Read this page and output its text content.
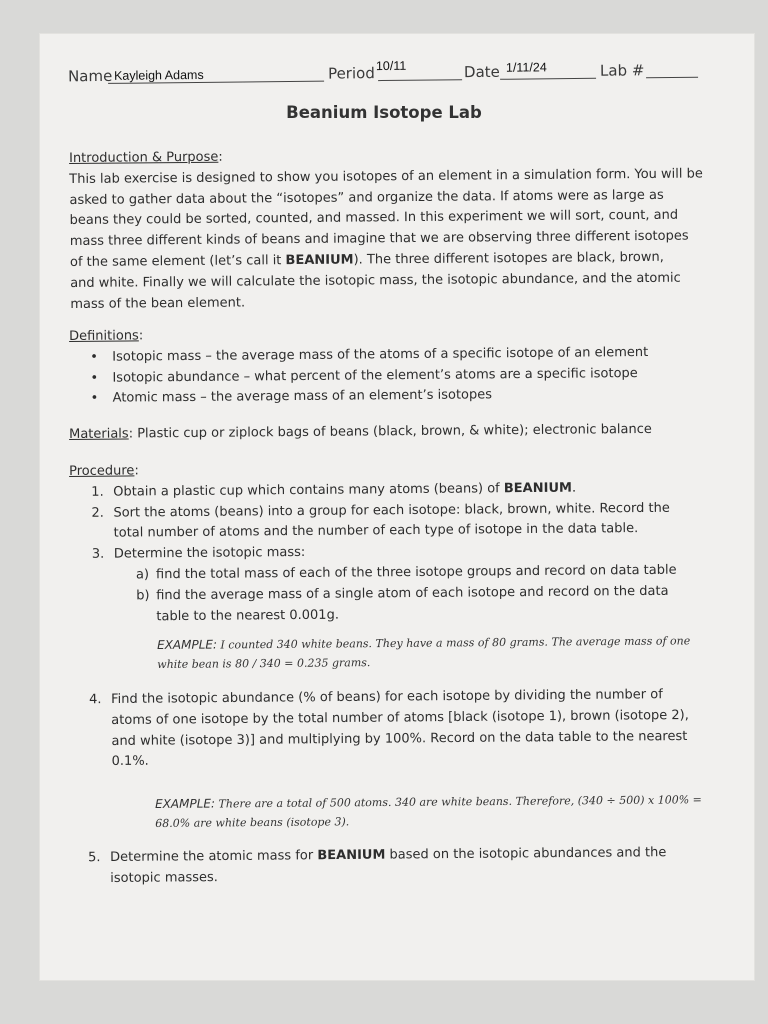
Name Kayleigh Adams	Period 10/11	Date 1/11/24	Lab #
Beanium Isotope Lab

Introduction & Purpose:

This lab exercise is designed to show you isotopes of an element in a simulation form. You will be

asked to gather data about the “isotopes” and organize the data. If atoms were as large as

beans they could be sorted, counted, and massed. In this experiment we will sort, count, and

mass three different kinds of beans and imagine that we are observing three different isotopes

of the same element (let’s call it BEANIUM). The three different isotopes are black, brown,

and white. Finally we will calculate the isotopic mass, the isotopic abundance, and the atomic

mass of the bean element.

Definitions:

• Isotopic mass – the average mass of the atoms of a specific isotope of an element
• Isotopic abundance – what percent of the element’s atoms are a specific isotope
• Atomic mass – the average mass of an element’s isotopes

Materials: Plastic cup or ziplock bags of beans (black, brown, & white); electronic balance

Procedure:

1. Obtain a plastic cup which contains many atoms (beans) of BEANIUM.

2. Sort the atoms (beans) into a group for each isotope: black, brown, white. Record the

total number of atoms and the number of each type of isotope in the data table.

3. Determine the isotopic mass:

a) find the total mass of each of the three isotope groups and record on data table

b) find the average mass of a single atom of each isotope and record on the data

table to the nearest 0.001g.

EXAMPLE: I counted 340 white beans. They have a mass of 80 grams. The average mass of one

white bean is 80 / 340 = 0.235 grams.

4. Find the isotopic abundance (% of beans) for each isotope by dividing the number of

atoms of one isotope by the total number of atoms [black (isotope 1), brown (isotope 2),

and white (isotope 3)] and multiplying by 100%. Record on the data table to the nearest

0.1%.

EXAMPLE: There are a total of 500 atoms. 340 are white beans. Therefore, (340 ÷ 500) x 100% =

68.0% are white beans (isotope 3).

5. Determine the atomic mass for BEANIUM based on the isotopic abundances and the

isotopic masses.
